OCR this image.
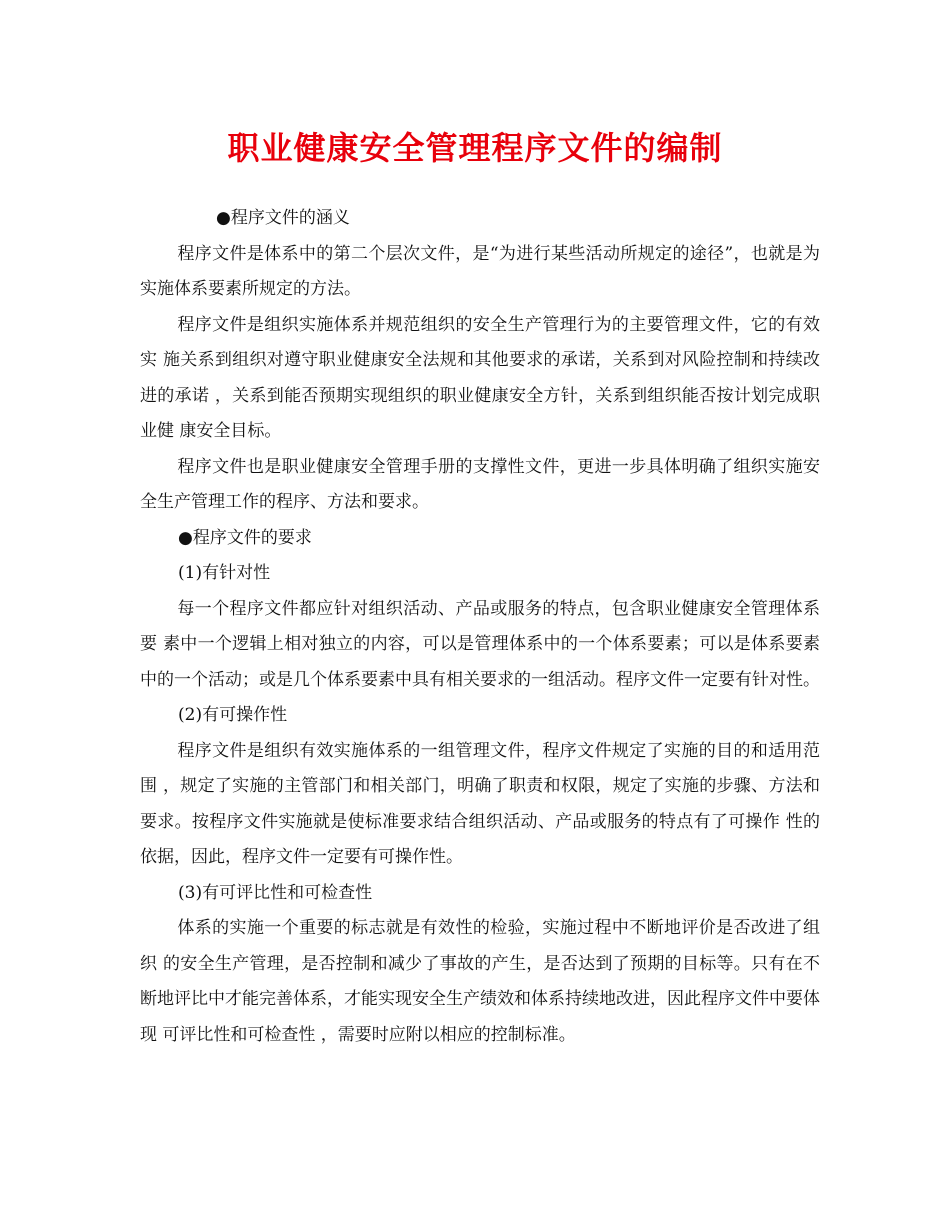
职业健康安全管理程序文件的编制

●程序文件的涵义

程序文件是体系中的第二个层次文件，是“为进行某些活动所规定的途径”，也就是为 实施体系要素所规定的方法。

程序文件是组织实施体系并规范组织的安全生产管理行为的主要管理文件，它的有效实 施关系到组织对遵守职业健康安全法规和其他要求的承诺，关系到对风险控制和持续改进的承诺 ，关系到能否预期实现组织的职业健康安全方针，关系到组织能否按计划完成职业健 康安全目标。

程序文件也是职业健康安全管理手册的支撑性文件，更进一步具体明确了组织实施安全生产管理工作的程序、方法和要求。

●程序文件的要求

(1)有针对性

每一个程序文件都应针对组织活动、产品或服务的特点，包含职业健康安全管理体系要 素中一个逻辑上相对独立的内容，可以是管理体系中的一个体系要素；可以是体系要素中的一个活动；或是几个体系要素中具有相关要求的一组活动。程序文件一定要有针对性。

(2)有可操作性

程序文件是组织有效实施体系的一组管理文件，程序文件规定了实施的目的和适用范 围 ，规定了实施的主管部门和相关部门，明确了职责和权限，规定了实施的步骤、方法和要求。按程序文件实施就是使标准要求结合组织活动、产品或服务的特点有了可操作 性的依据，因此，程序文件一定要有可操作性。

(3)有可评比性和可检查性

体系的实施一个重要的标志就是有效性的检验，实施过程中不断地评价是否改进了组织 的安全生产管理，是否控制和减少了事故的产生，是否达到了预期的目标等。只有在不断地评比中才能完善体系，才能实现安全生产绩效和体系持续地改进，因此程序文件中要体现 可评比性和可检查性 ，需要时应附以相应的控制标准。
